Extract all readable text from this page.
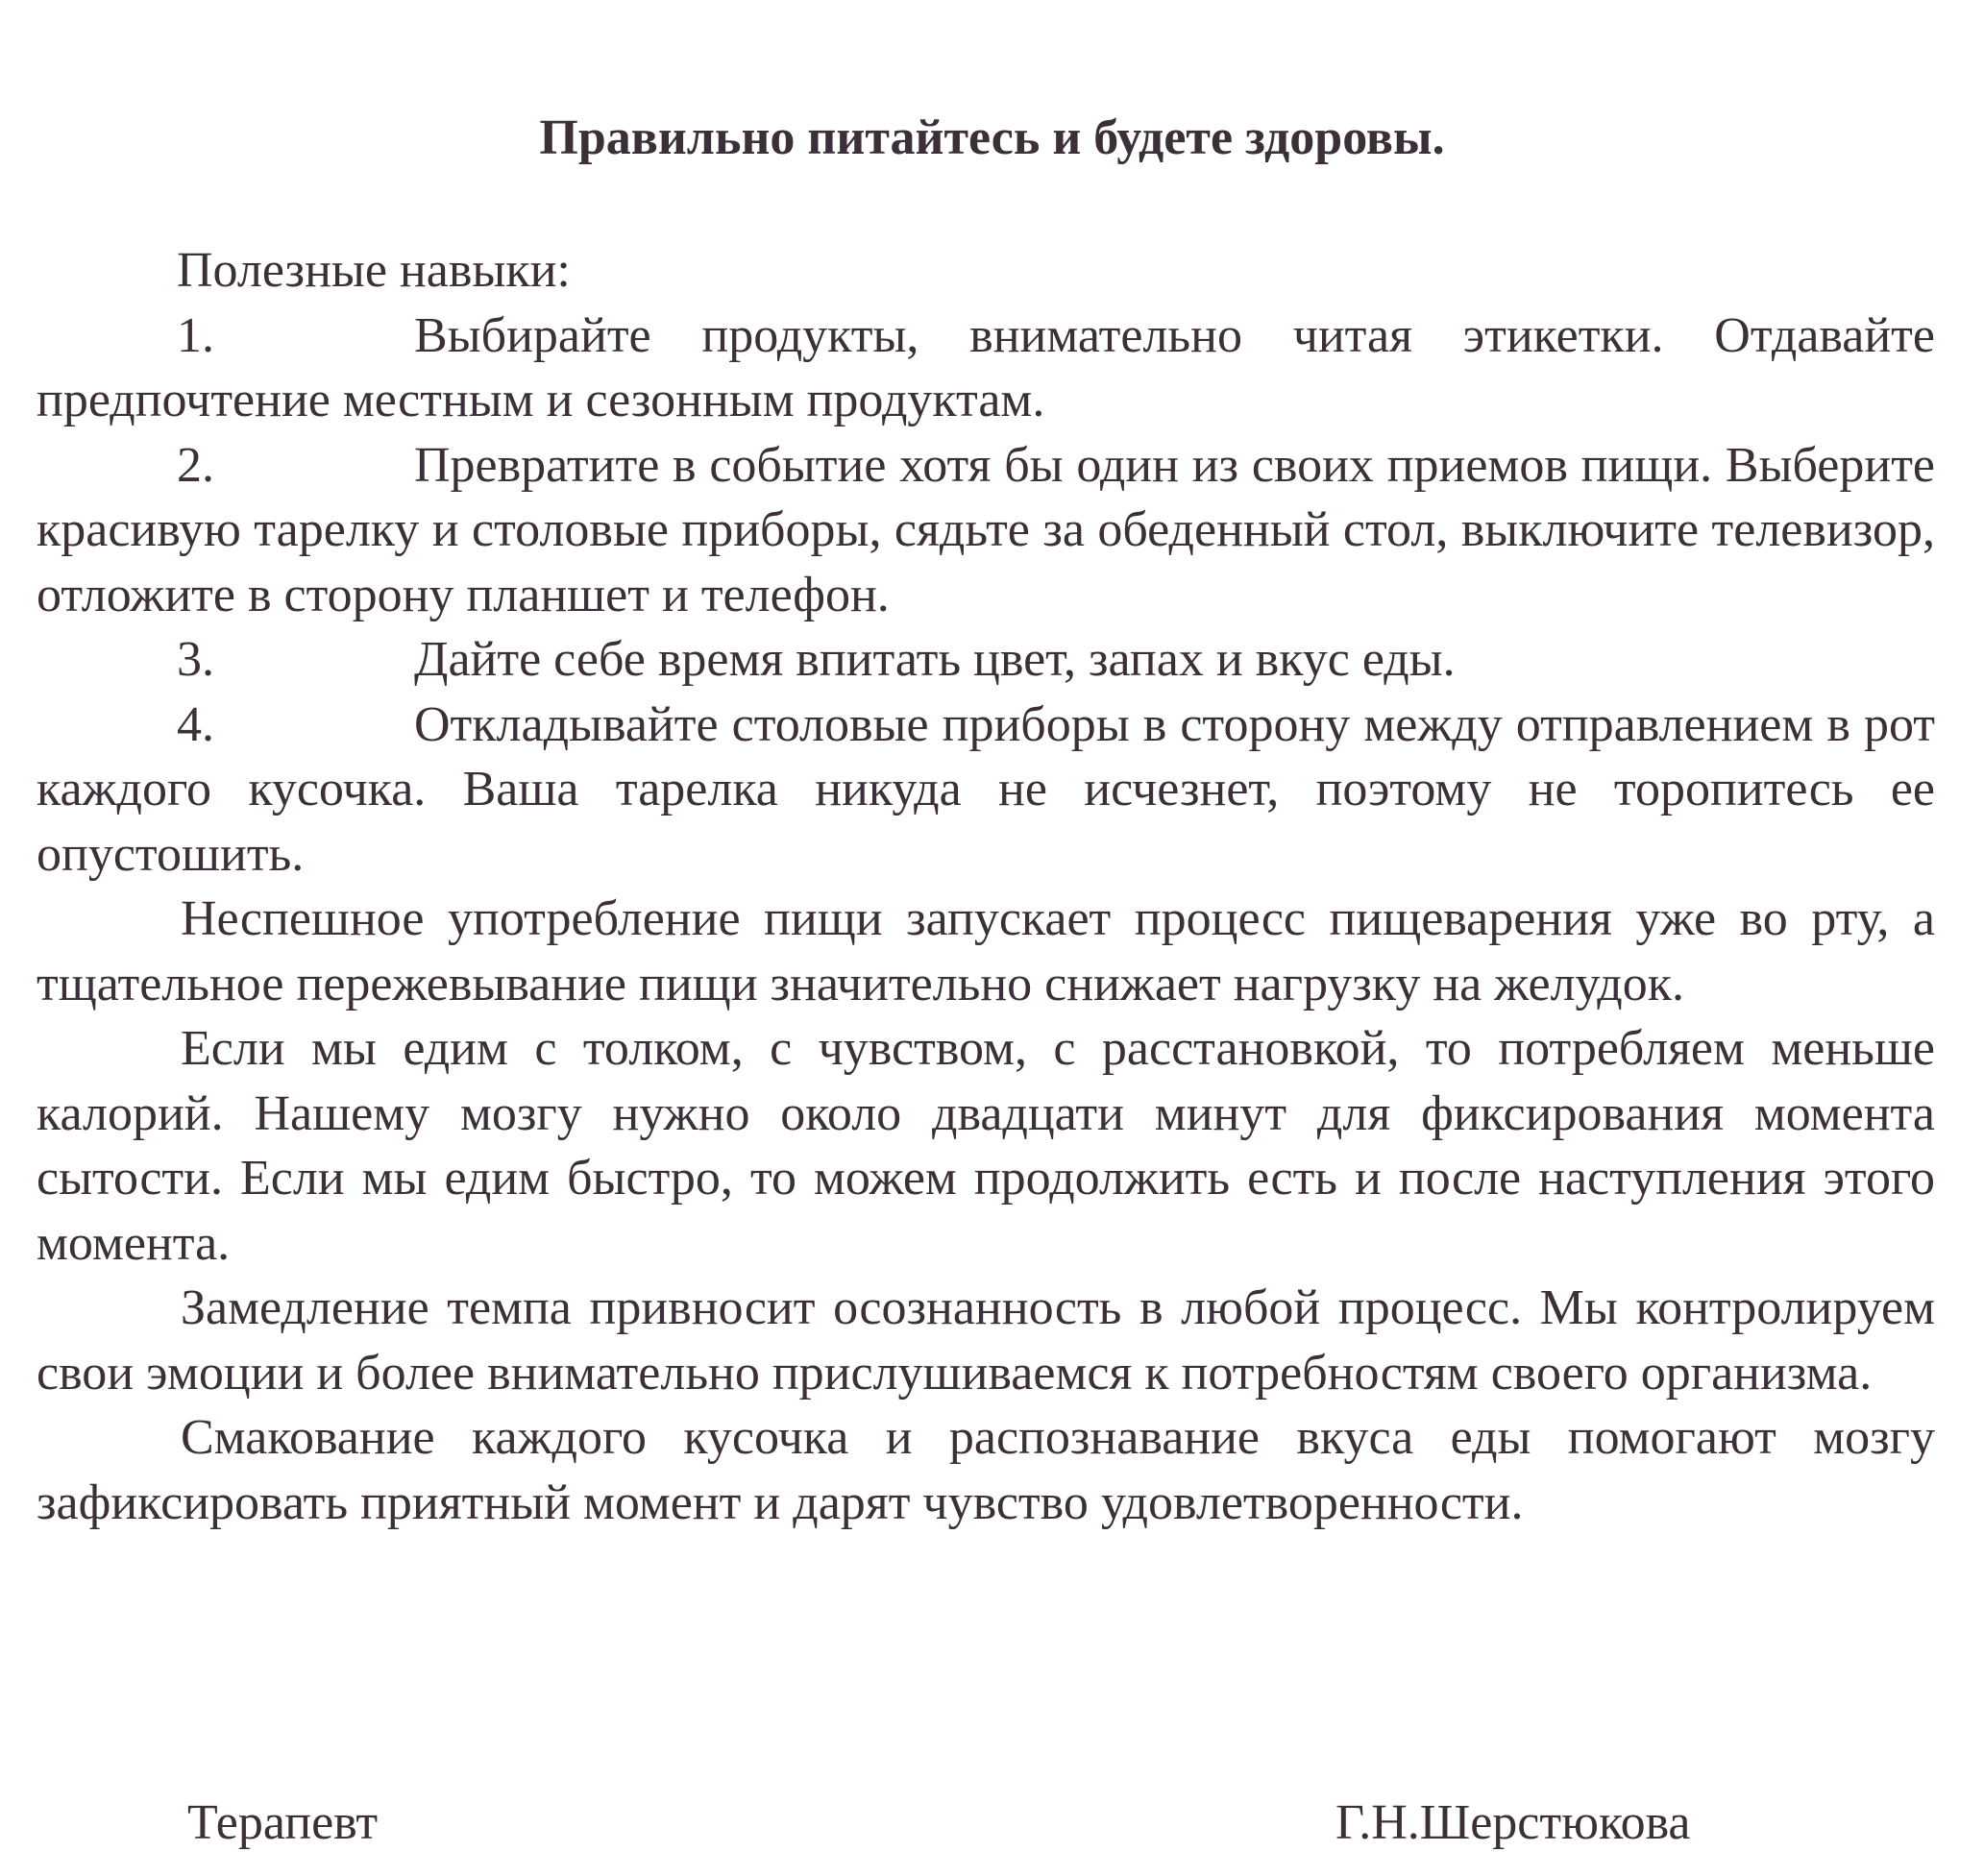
Правильно питайтесь и будете здоровы.

Полезные навыки:

1.	Выбирайте продукты, внимательно читая этикетки. Отдавайте предпочтение местным и сезонным продуктам.

2.	Превратите в событие хотя бы один из своих приемов пищи. Выберите красивую тарелку и столовые приборы, сядьте за обеденный стол, выключите телевизор, отложите в сторону планшет и телефон.

3.	Дайте себе время впитать цвет, запах и вкус еды.

4.	Откладывайте столовые приборы в сторону между отправлением в рот каждого кусочка. Ваша тарелка никуда не исчезнет, поэтому не торопитесь ее опустошить.

Неспешное употребление пищи запускает процесс пищеварения уже во рту, а тщательное пережевывание пищи значительно снижает нагрузку на желудок.

Если мы едим с толком, с чувством, с расстановкой, то потребляем меньше калорий. Нашему мозгу нужно около двадцати минут для фиксирования момента сытости. Если мы едим быстро, то можем продолжить есть и после наступления этого момента.

Замедление темпа привносит осознанность в любой процесс. Мы контролируем свои эмоции и более внимательно прислушиваемся к потребностям своего организма.

Смакование каждого кусочка и распознавание вкуса еды помогают мозгу зафиксировать приятный момент и дарят чувство удовлетворенности.

Терапевт	Г.Н.Шерстюкова
